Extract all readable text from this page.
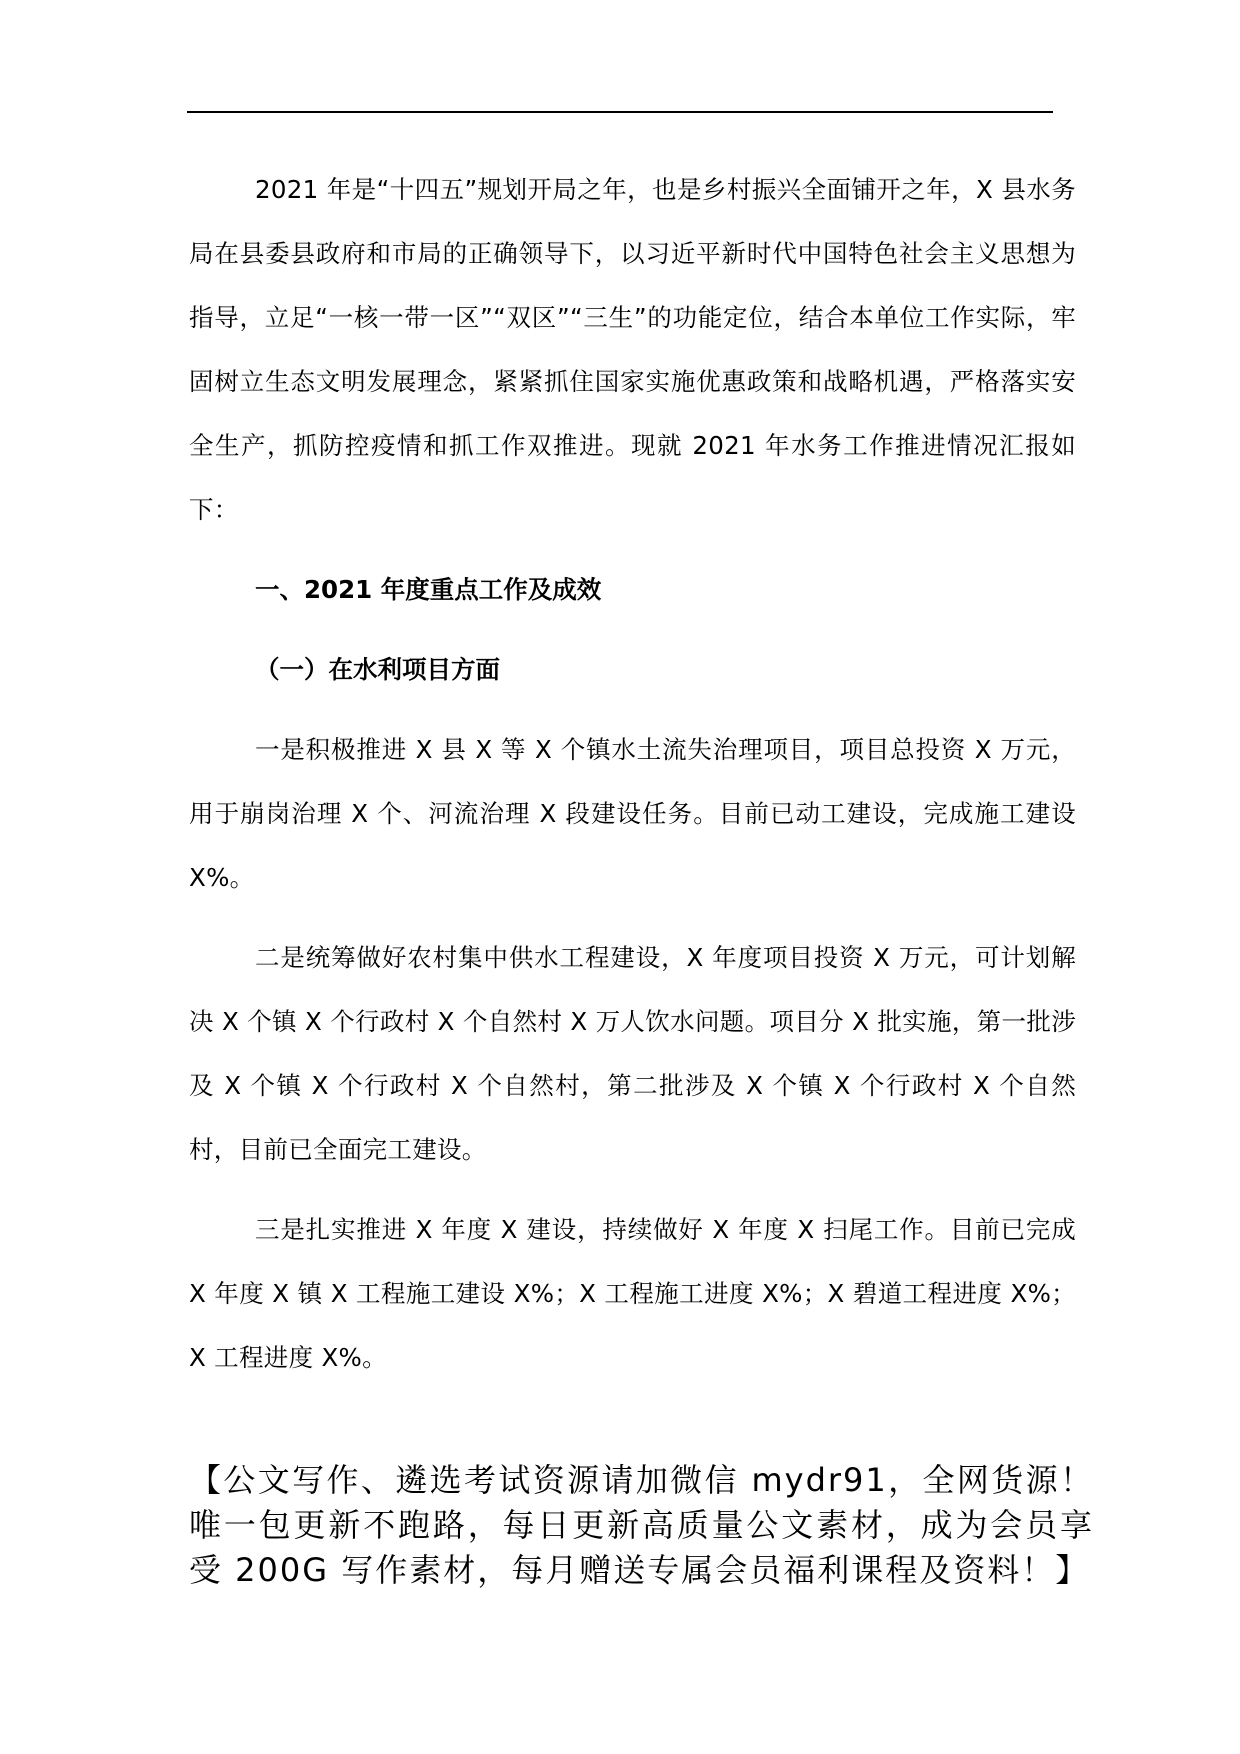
2021 年是“十四五”规划开局之年，也是乡村振兴全面铺开之年，X 县水务局在县委县政府和市局的正确领导下，以习近平新时代中国特色社会主义思想为指导，立足“一核一带一区”“双区”“三生”的功能定位，结合本单位工作实际，牢固树立生态文明发展理念，紧紧抓住国家实施优惠政策和战略机遇，严格落实安全生产，抓防控疫情和抓工作双推进。现就 2021 年水务工作推进情况汇报如下：

一、2021 年度重点工作及成效

（一）在水利项目方面

一是积极推进 X 县 X 等 X 个镇水土流失治理项目，项目总投资 X 万元，用于崩岗治理 X 个、河流治理 X 段建设任务。目前已动工建设，完成施工建设X%。

二是统筹做好农村集中供水工程建设，X 年度项目投资 X 万元，可计划解决 X 个镇 X 个行政村 X 个自然村 X 万人饮水问题。项目分 X 批实施，第一批涉及 X 个镇 X 个行政村 X 个自然村，第二批涉及 X 个镇 X 个行政村 X 个自然村，目前已全面完工建设。

三是扎实推进 X 年度 X 建设，持续做好 X 年度 X 扫尾工作。目前已完成 X 年度 X 镇 X 工程施工建设 X%；X 工程施工进度 X%；X 碧道工程进度 X%；X 工程进度 X%。

【公文写作、遴选考试资源请加微信 mydr91，全网货源！唯一包更新不跑路，每日更新高质量公文素材，成为会员享受 200G 写作素材，每月赠送专属会员福利课程及资料！】
